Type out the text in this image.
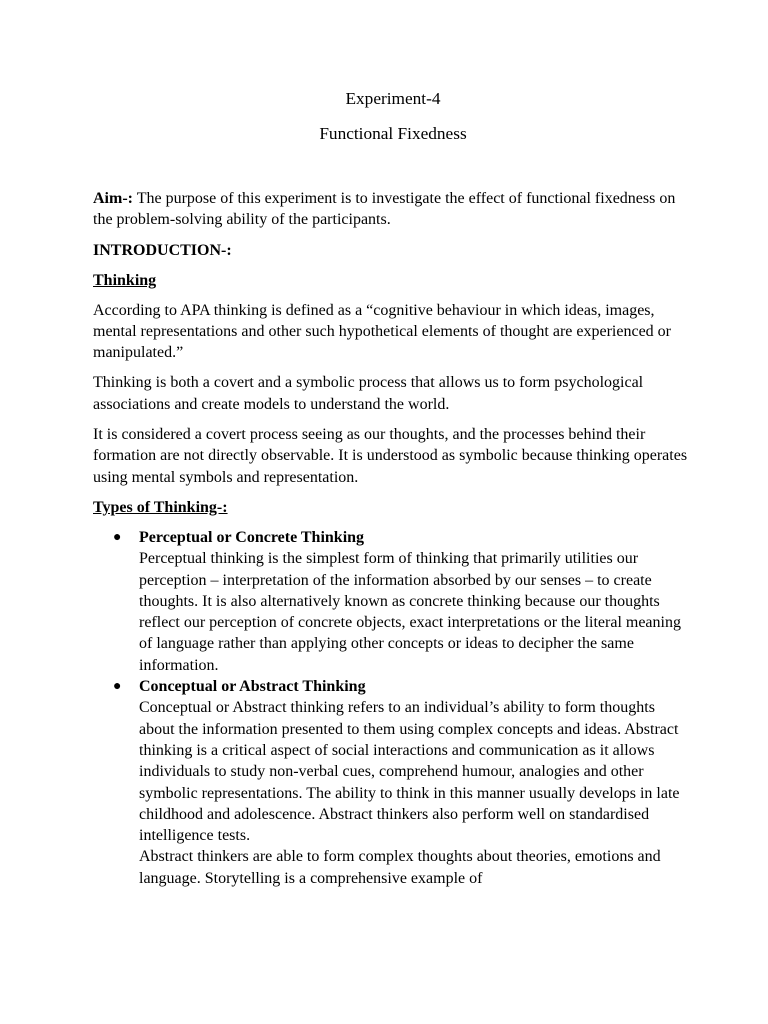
Experiment-4
Functional Fixedness

Aim-: The purpose of this experiment is to investigate the effect of functional fixedness on the problem-solving ability of the participants.

INTRODUCTION-:
Thinking

According to APA thinking is defined as a “cognitive behaviour in which ideas, images, mental representations and other such hypothetical elements of thought are experienced or manipulated.”

Thinking is both a covert and a symbolic process that allows us to form psychological associations and create models to understand the world.

It is considered a covert process seeing as our thoughts, and the processes behind their formation are not directly observable. It is understood as symbolic because thinking operates using mental symbols and representation.

Types of Thinking-:
● Perceptual or Concrete Thinking
Perceptual thinking is the simplest form of thinking that primarily utilities our perception – interpretation of the information absorbed by our senses – to create thoughts. It is also alternatively known as concrete thinking because our thoughts reflect our perception of concrete objects, exact interpretations or the literal meaning of language rather than applying other concepts or ideas to decipher the same information.
● Conceptual or Abstract Thinking
Conceptual or Abstract thinking refers to an individual’s ability to form thoughts about the information presented to them using complex concepts and ideas. Abstract thinking is a critical aspect of social interactions and communication as it allows individuals to study non-verbal cues, comprehend humour, analogies and other symbolic representations. The ability to think in this manner usually develops in late childhood and adolescence. Abstract thinkers also perform well on standardised intelligence tests.
Abstract thinkers are able to form complex thoughts about theories, emotions and language. Storytelling is a comprehensive example of
